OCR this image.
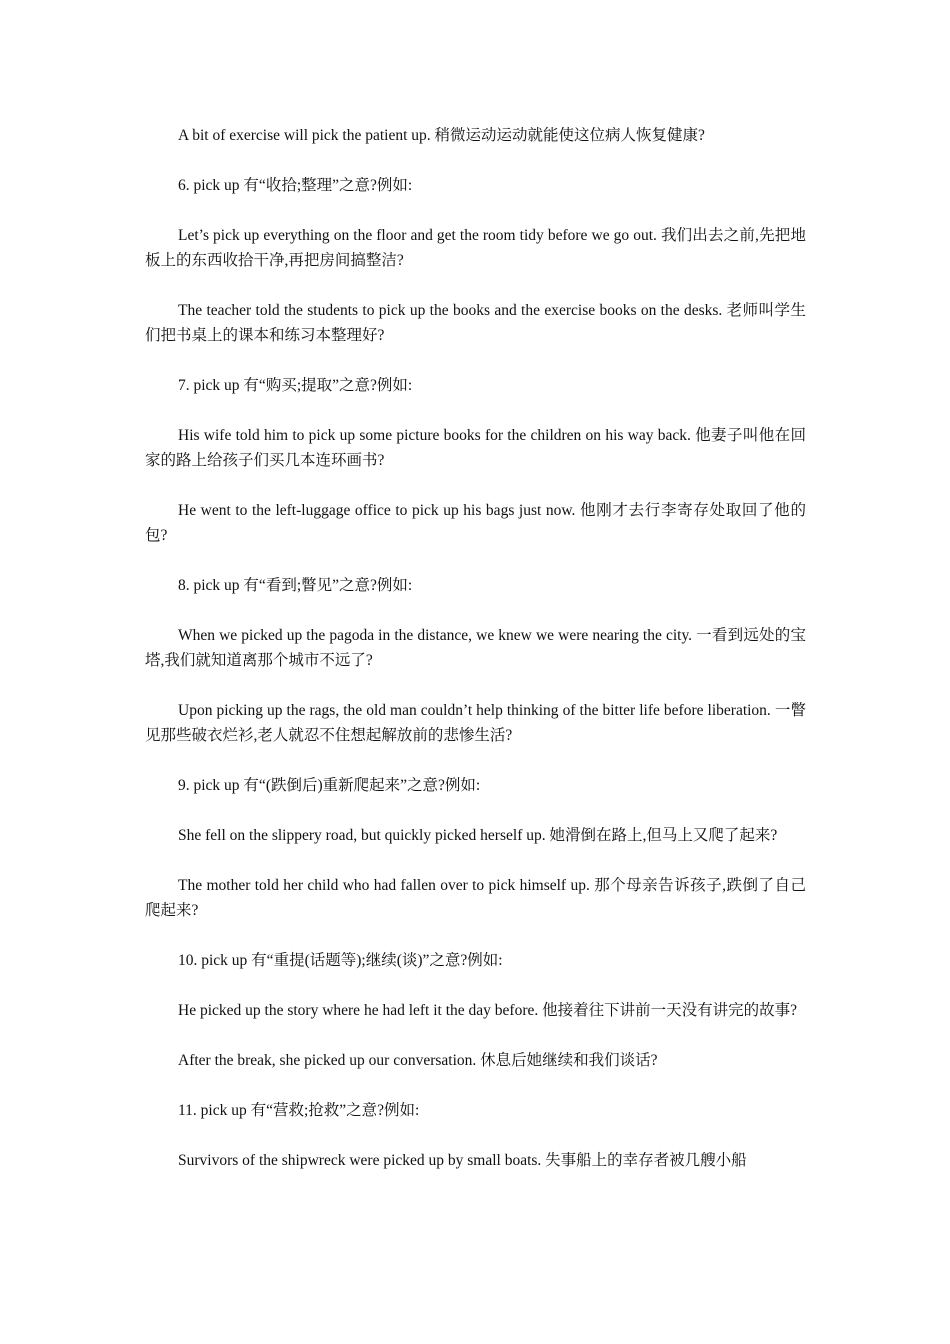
A bit of exercise will pick the patient up. 稍微运动运动就能使这位病人恢复健康?

6. pick up 有“收拾;整理”之意?例如:

Let’s pick up everything on the floor and get the room tidy before we go out. 我们出去之前,先把地板上的东西收拾干净,再把房间搞整洁?

The teacher told the students to pick up the books and the exercise books on the desks. 老师叫学生们把书桌上的课本和练习本整理好?

7. pick up 有“购买;提取”之意?例如:

His wife told him to pick up some picture books for the children on his way back. 他妻子叫他在回家的路上给孩子们买几本连环画书?

He went to the left-luggage office to pick up his bags just now. 他刚才去行李寄存处取回了他的包?

8. pick up 有“看到;瞥见”之意?例如:

When we picked up the pagoda in the distance, we knew we were nearing the city. 一看到远处的宝塔,我们就知道离那个城市不远了?

Upon picking up the rags, the old man couldn’t help thinking of the bitter life before liberation. 一瞥见那些破衣烂衫,老人就忍不住想起解放前的悲惨生活?

9. pick up 有“(跌倒后)重新爬起来”之意?例如:

She fell on the slippery road, but quickly picked herself up. 她滑倒在路上,但马上又爬了起来?

The mother told her child who had fallen over to pick himself up. 那个母亲告诉孩子,跌倒了自己爬起来?

10. pick up 有“重提(话题等);继续(谈)”之意?例如:

He picked up the story where he had left it the day before. 他接着往下讲前一天没有讲完的故事?

After the break, she picked up our conversation. 休息后她继续和我们谈话?

11. pick up 有“营救;抢救”之意?例如:

Survivors of the shipwreck were picked up by small boats. 失事船上的幸存者被几艘小船
